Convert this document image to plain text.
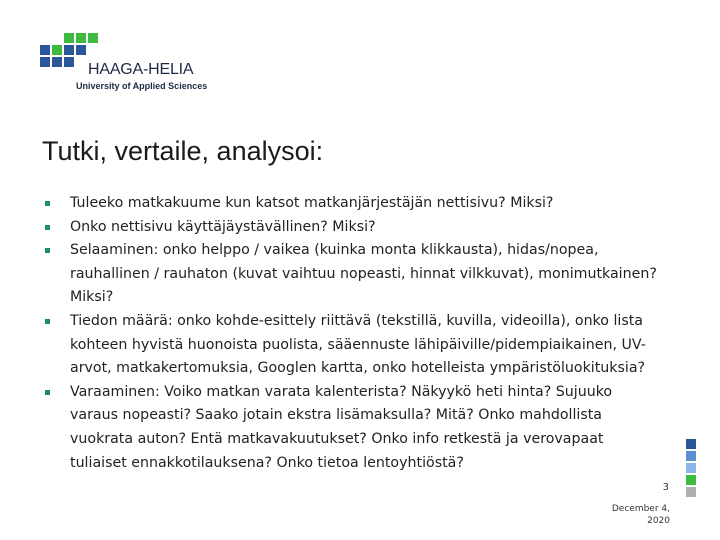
HAAGA-HELIA
University of Applied Sciences
Tutki, vertaile, analysoi:
Tuleeko matkakuume kun katsot matkanjärjestäjän nettisivu? Miksi?
Onko nettisivu käyttäjäystävällinen? Miksi?
Selaaminen: onko helppo / vaikea (kuinka monta klikkausta), hidas/nopea, rauhallinen / rauhaton (kuvat vaihtuu nopeasti, hinnat vilkkuvat), monimutkainen? Miksi?
Tiedon määrä: onko kohde-esittely riittävä (tekstillä, kuvilla, videoilla), onko lista kohteen hyvistä huonoista puolista, sääennuste lähipäiville/pidempiaikainen, UV-arvot, matkakertomuksia, Googlen kartta, onko hotelleista ympäristöluokituksia?
Varaaminen: Voiko matkan varata kalenterista? Näkyykö heti hinta? Sujuuko varaus nopeasti? Saako jotain ekstra lisämaksulla? Mitä? Onko mahdollista vuokrata auton? Entä matkavakuutukset? Onko info retkestä ja verovapaat tuliaiset ennakkotilauksena? Onko tietoa lentoyhtiöstä?
3
December 4, 2020
